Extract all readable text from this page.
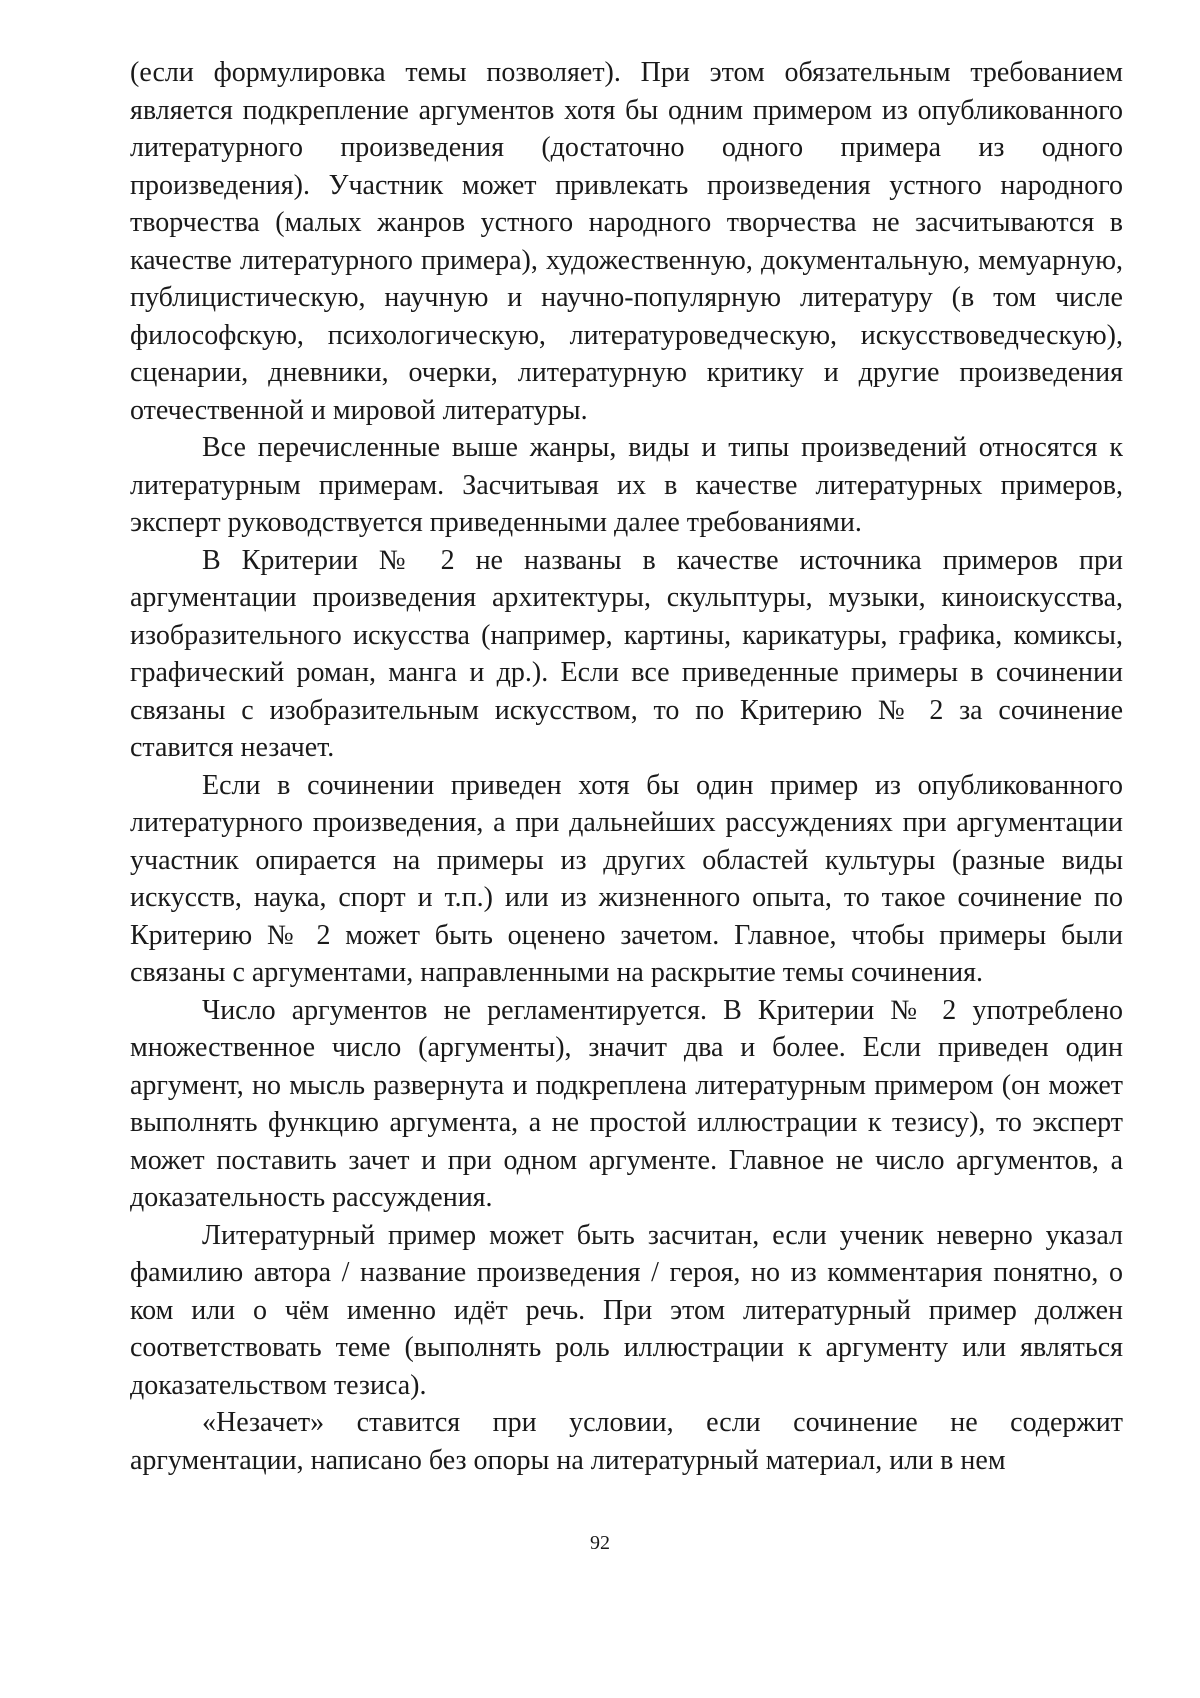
(если формулировка темы позволяет). При этом обязательным требованием является подкрепление аргументов хотя бы одним примером из опубликованного литературного произведения (достаточно одного примера из одного произведения). Участник может привлекать произведения устного народного творчества (малых жанров устного народного творчества не засчитываются в качестве литературного примера), художественную, документальную, мемуарную, публицистическую, научную и научно-популярную литературу (в том числе философскую, психологическую, литературоведческую, искусствоведческую), сценарии, дневники, очерки, литературную критику и другие произведения отечественной и мировой литературы.

Все перечисленные выше жанры, виды и типы произведений относятся к литературным примерам. Засчитывая их в качестве литературных примеров, эксперт руководствуется приведенными далее требованиями.

В Критерии № 2 не названы в качестве источника примеров при аргументации произведения архитектуры, скульптуры, музыки, киноискусства, изобразительного искусства (например, картины, карикатуры, графика, комиксы, графический роман, манга и др.). Если все приведенные примеры в сочинении связаны с изобразительным искусством, то по Критерию № 2 за сочинение ставится незачет.

Если в сочинении приведен хотя бы один пример из опубликованного литературного произведения, а при дальнейших рассуждениях при аргументации участник опирается на примеры из других областей культуры (разные виды искусств, наука, спорт и т.п.) или из жизненного опыта, то такое сочинение по Критерию № 2 может быть оценено зачетом. Главное, чтобы примеры были связаны с аргументами, направленными на раскрытие темы сочинения.

Число аргументов не регламентируется. В Критерии № 2 употреблено множественное число (аргументы), значит два и более. Если приведен один аргумент, но мысль развернута и подкреплена литературным примером (он может выполнять функцию аргумента, а не простой иллюстрации к тезису), то эксперт может поставить зачет и при одном аргументе. Главное не число аргументов, а доказательность рассуждения.

Литературный пример может быть засчитан, если ученик неверно указал фамилию автора / название произведения / героя, но из комментария понятно, о ком или о чём именно идёт речь. При этом литературный пример должен соответствовать теме (выполнять роль иллюстрации к аргументу или являться доказательством тезиса).

«Незачет» ставится при условии, если сочинение не содержит аргументации, написано без опоры на литературный материал, или в нем

92
